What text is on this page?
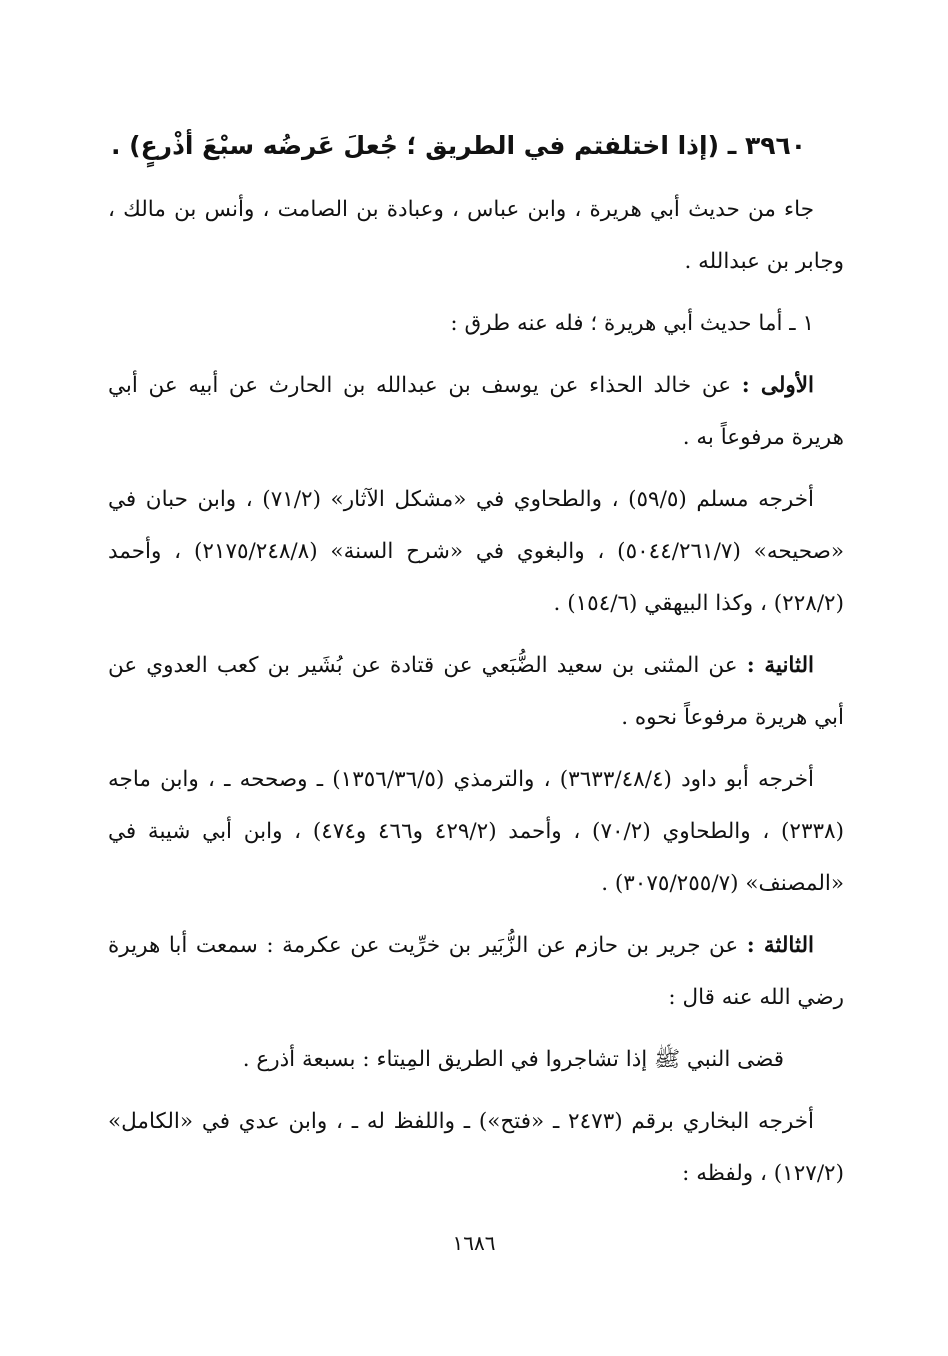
٣٩٦٠ ـ (إذا اختلفتم في الطريق ؛ جُعلَ عَرضُه سبْعَ أذْرعٍ) .

جاء من حديث أبي هريرة ، وابن عباس ، وعبادة بن الصامت ، وأنس بن مالك ، وجابر بن عبدالله .

١ ـ أما حديث أبي هريرة ؛ فله عنه طرق :

الأولى : عن خالد الحذاء عن يوسف بن عبدالله بن الحارث عن أبيه عن أبي هريرة مرفوعاً به .

أخرجه مسلم (٥٩/٥) ، والطحاوي في «مشكل الآثار» (٧١/٢) ، وابن حبان في «صحيحه» (٥٠٤٤/٢٦١/٧) ، والبغوي في «شرح السنة» (٢١٧٥/٢٤٨/٨) ، وأحمد (٢٢٨/٢) ، وكذا البيهقي (١٥٤/٦) .

الثانية : عن المثنى بن سعيد الضُّبَعي عن قتادة عن بُشَير بن كعب العدوي عن أبي هريرة مرفوعاً نحوه .

أخرجه أبو داود (٣٦٣٣/٤٨/٤) ، والترمذي (١٣٥٦/٣٦/٥) ـ وصححه ـ ، وابن ماجه (٢٣٣٨) ، والطحاوي (٧٠/٢) ، وأحمد (٤٢٩/٢ و٤٦٦ و٤٧٤) ، وابن أبي شيبة في «المصنف» (٣٠٧٥/٢٥٥/٧) .

الثالثة : عن جرير بن حازم عن الزُّبَير بن خرِّيت عن عكرمة : سمعت أبا هريرة رضي الله عنه قال :

قضى النبي ﷺ إذا تشاجروا في الطريق المِيتاء : بسبعة أذرع .

أخرجه البخاري برقم (٢٤٧٣ ـ «فتح») ـ واللفظ له ـ ، وابن عدي في «الكامل» (١٢٧/٢) ، ولفظه :

١٦٨٦
